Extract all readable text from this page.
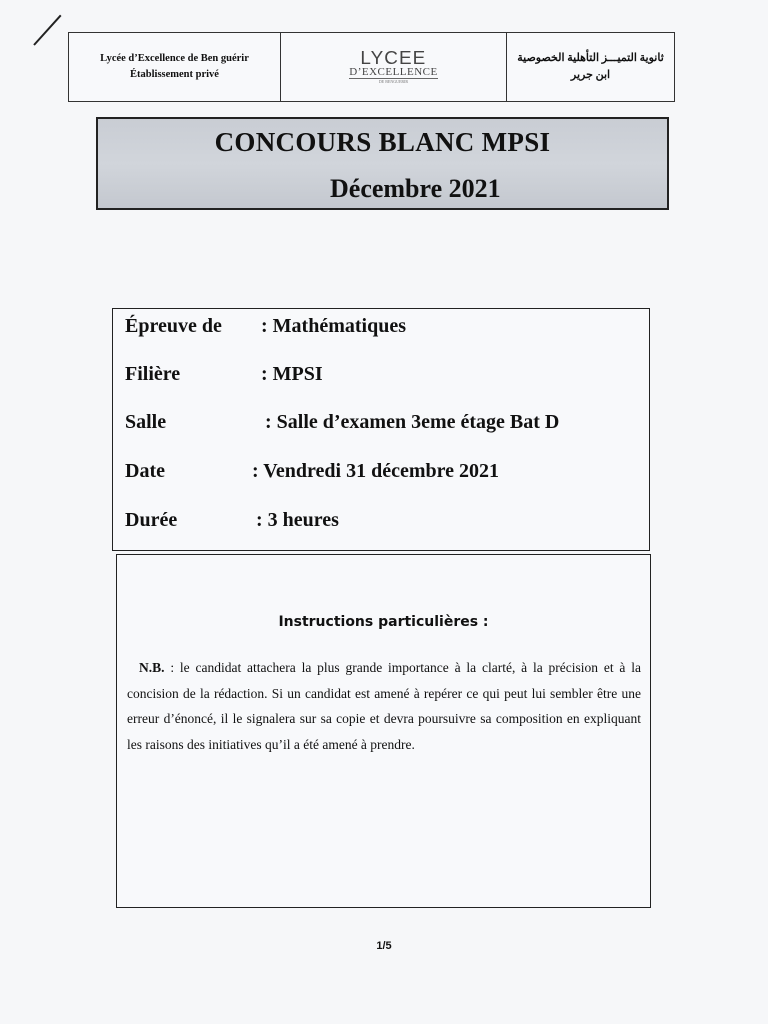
Lycée d’Excellence de Ben guérir
Établissement privé
LYCEE
D’EXCELLENCE
DE BENGUERIR
ثانوية التميـــز التأهلية الخصوصية
ابن جرير
CONCOURS BLANC MPSI
Décembre 2021
Épreuve de : Mathématiques
Filière	: MPSI
Salle	: Salle d’examen 3eme étage Bat D
Date	: Vendredi 31 décembre 2021
Durée	: 3 heures
Instructions particulières :
N.B. : le candidat attachera la plus grande importance à la clarté, à la précision et à la concision de la rédaction. Si un candidat est amené à repérer ce qui peut lui sembler être une erreur d’énoncé, il le signalera sur sa copie et devra poursuivre sa composition en expliquant les raisons des initiatives qu’il a été amené à prendre.
1/5
